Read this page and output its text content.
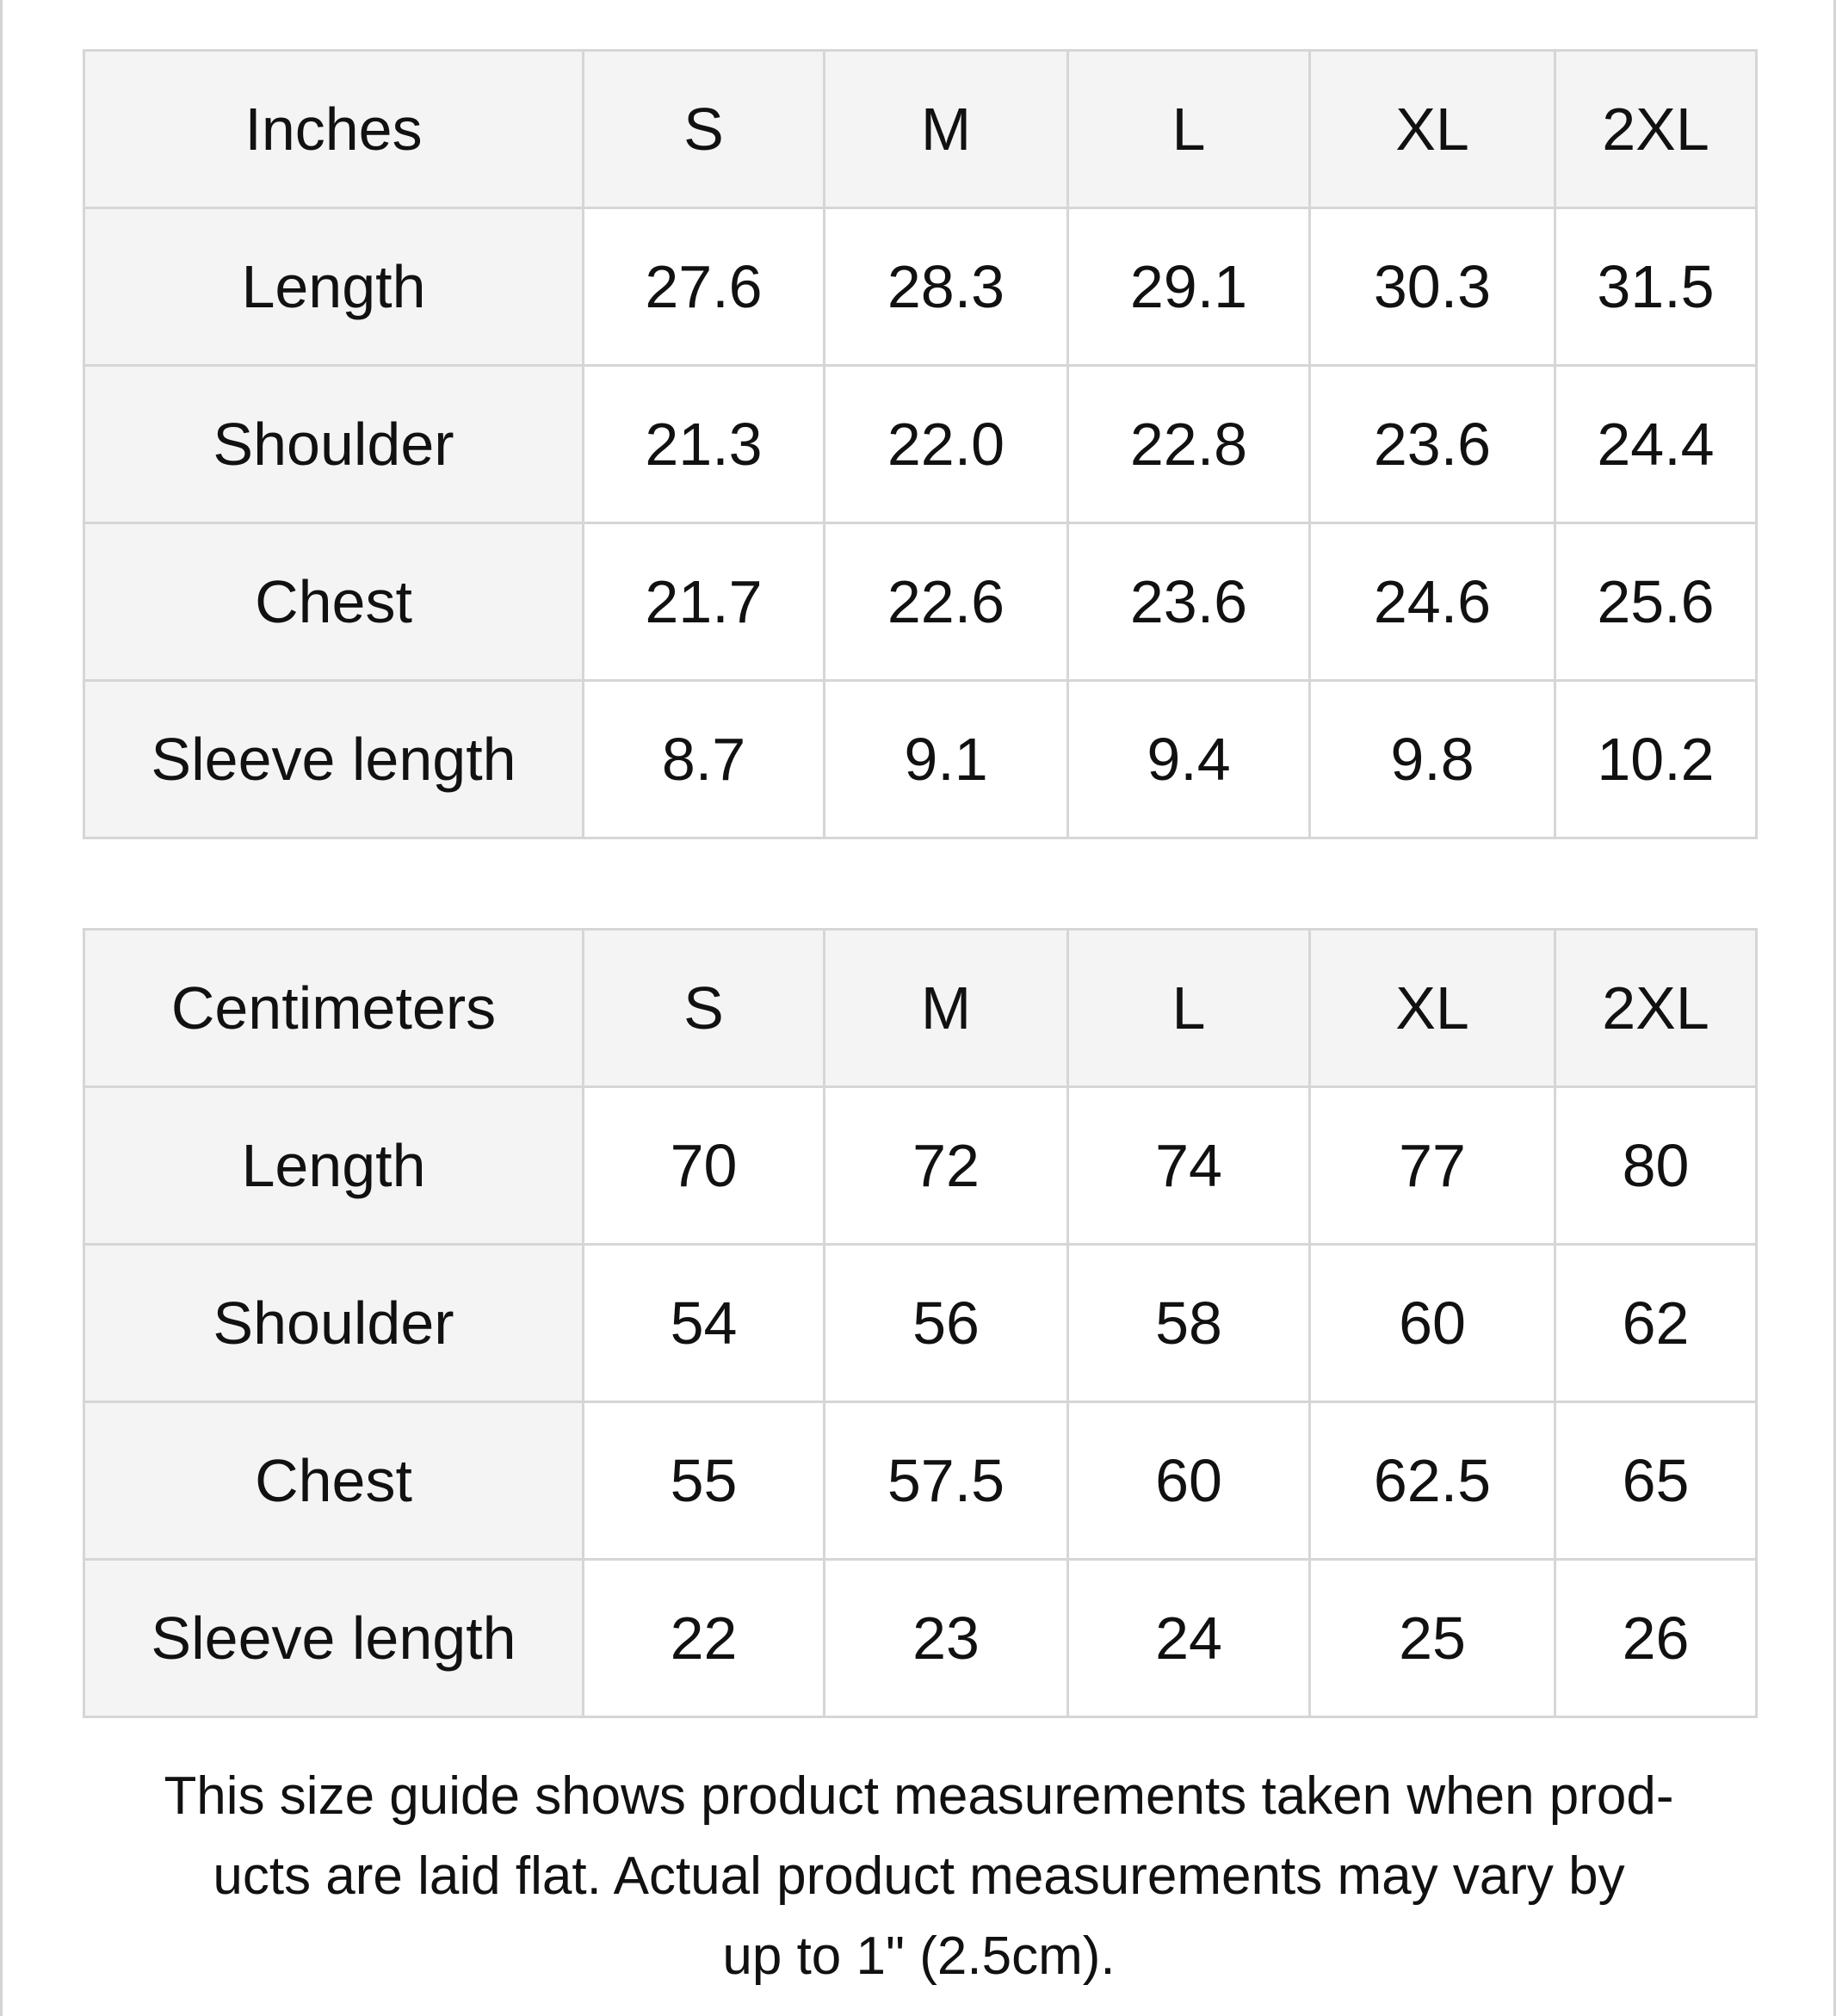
Inches	S	M	L	XL	2XL
Length	27.6	28.3	29.1	30.3	31.5
Shoulder	21.3	22.0	22.8	23.6	24.4
Chest	21.7	22.6	23.6	24.6	25.6
Sleeve length	8.7	9.1	9.4	9.8	10.2
Centimeters	S	M	L	XL	2XL
Length	70	72	74	77	80
Shoulder	54	56	58	60	62
Chest	55	57.5	60	62.5	65
Sleeve length	22	23	24	25	26
This size guide shows product measurements taken when prod-
ucts are laid flat. Actual product measurements may vary by
up to 1" (2.5cm).
